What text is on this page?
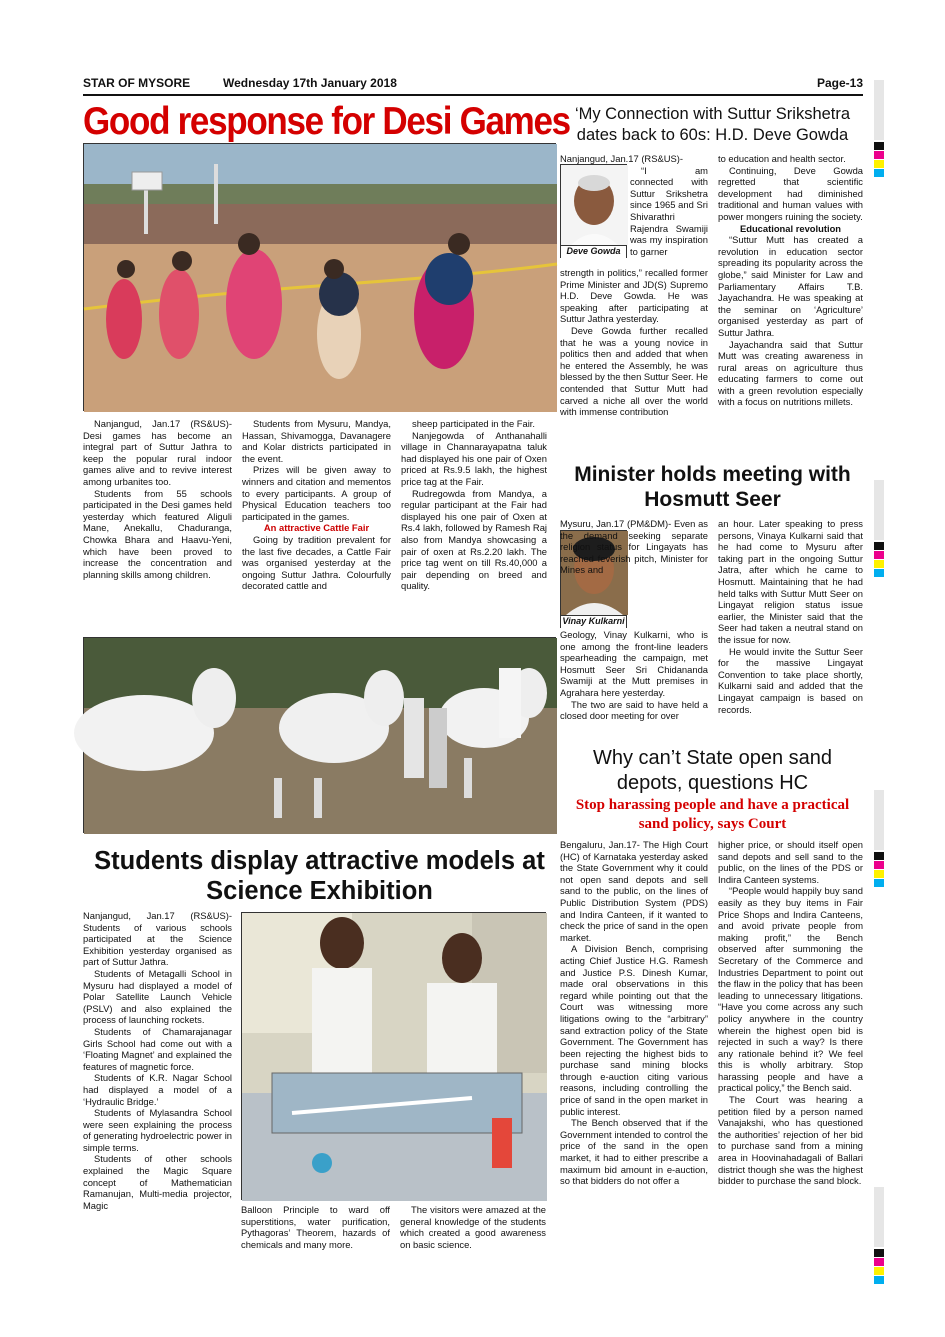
STAR OF MYSORE	Wednesday 17th January 2018	Page-13
Good response for Desi Games

Nanjangud, Jan.17 (RS&US)- Desi games has become an integral part of Suttur Jathra to keep the popular rural indoor games alive and to revive interest among urbanites too.

Students from 55 schools participated in the Desi games held yesterday which featured Aliguli Mane, Anekallu, Chaduranga, Chowka Bhara and Haavu-Yeni, which have been proved to increase the concentration and planning skills among children.

Students from Mysuru, Mandya, Hassan, Shivamogga, Davanagere and Kolar districts participated in the event.

Prizes will be given away to winners and citation and mementos to every participants. A group of Physical Education teachers too participated in the games.

An attractive Cattle Fair

Going by tradition prevalent for the last five decades, a Cattle Fair was organised yesterday at the ongoing Suttur Jathra. Colourfully decorated cattle and

sheep participated in the Fair.

Nanjegowda of Anthanahalli village in Channarayapatna taluk had displayed his one pair of Oxen priced at Rs.9.5 lakh, the highest price tag at the Fair.

Rudregowda from Mandya, a regular participant at the Fair had displayed his one pair of Oxen at Rs.4 lakh, followed by Ramesh Raj also from Mandya showcasing a pair of oxen at Rs.2.20 lakh. The price tag went on till Rs.40,000 a pair depending on breed and quality.

‘My Connection with Suttur Srikshetra dates back to 60s: H.D. Deve Gowda

Nanjangud, Jan.17 (RS&US)-

“I am connected with Suttur Srikshetra since 1965 and Sri Shivarathri Rajendra Swamiji was my inspiration to garner

Deve Gowda

strength in politics,” recalled former Prime Minister and JD(S) Supremo H.D. Deve Gowda. He was speaking after participating at Suttur Jathra yesterday.

Deve Gowda further recalled that he was a young novice in politics then and added that when he entered the Assembly, he was blessed by the then Suttur Seer. He contended that Suttur Mutt had carved a niche all over the world with immense contribution

to education and health sector.

Continuing, Deve Gowda regretted that scientific development had diminished traditional and human values with power mongers ruining the society.

Educational revolution

“Suttur Mutt has created a revolution in education sector spreading its popularity across the globe,” said Minister for Law and Parliamentary Affairs T.B. Jayachandra. He was speaking at the seminar on ‘Agriculture’ organised yesterday as part of Suttur Jathra.

Jayachandra said that Suttur Mutt was creating awareness in rural areas on agriculture thus educating farmers to come out with a green revolution especially with a focus on nutritions millets.

Minister holds meeting with Hosmutt Seer
Vinay Kulkarni

Mysuru, Jan.17 (PM&DM)- Even as the demand seeking separate religion status for Lingayats has reached feverish pitch, Minister for Mines and

Geology, Vinay Kulkarni, who is one among the front-line leaders spearheading the campaign, met Hosmutt Seer Sri Chidananda Swamiji at the Mutt premises in Agrahara here yesterday.

The two are said to have held a closed door meeting for over

an hour. Later speaking to press persons, Vinaya Kulkarni said that he had come to Mysuru after taking part in the ongoing Suttur Jatra, after which he came to Hosmutt. Maintaining that he had held talks with Suttur Mutt Seer on Lingayat religion status issue earlier, the Minister said that the Seer had taken a neutral stand on the issue for now.

He would invite the Suttur Seer for the massive Lingayat Convention to take place shortly, Kulkarni said and added that the Lingayat campaign is based on records.

Why can’t State open sand depots, questions HC
Stop harassing people and have a practical sand policy, says Court

Bengaluru, Jan.17- The High Court (HC) of Karnataka yesterday asked the State Government why it could not open sand depots and sell sand to the public, on the lines of Public Distribution System (PDS) and Indira Canteen, if it wanted to check the price of sand in the open market.

A Division Bench, comprising acting Chief Justice H.G. Ramesh and Justice P.S. Dinesh Kumar, made oral observations in this regard while pointing out that the Court was witnessing more litigations owing to the “arbitrary” sand extraction policy of the State Government. The Government has been rejecting the highest bids to purchase sand mining blocks through e-auction citing various reasons, including controlling the price of sand in the open market in public interest.

The Bench observed that if the Government intended to control the price of the sand in the open market, it had to either prescribe a maximum bid amount in e-auction, so that bidders do not offer a

higher price, or should itself open sand depots and sell sand to the public, on the lines of the PDS or Indira Canteen systems.

“People would happily buy sand easily as they buy items in Fair Price Shops and Indira Canteens, and avoid private people from making profit,” the Bench observed after summoning the Secretary of the Commerce and Industries Department to point out the flaw in the policy that has been leading to unnecessary litigations. “Have you come across any such policy anywhere in the country wherein the highest open bid is rejected in such a way? Is there any rationale behind it? We feel this is wholly arbitrary. Stop harassing people and have a practical policy,” the Bench said.

The Court was hearing a petition filed by a person named Vanajakshi, who has questioned the authorities’ rejection of her bid to purchase sand from a mining area in Hoovinahadagali of Ballari district though she was the highest bidder to purchase the sand block.

Students display attractive models at Science Exhibition

Nanjangud, Jan.17 (RS&US)- Students of various schools participated at the Science Exhibition yesterday organised as part of Suttur Jathra.

Students of Metagalli School in Mysuru had displayed a model of Polar Satellite Launch Vehicle (PSLV) and also explained the process of launching rockets.

Students of Chamarajanagar Girls School had come out with a ‘Floating Magnet’ and explained the features of magnetic force.

Students of K.R. Nagar School had displayed a model of a ‘Hydraulic Bridge.’

Students of Mylasandra School were seen explaining the process of generating hydroelectric power in simple terms.

Students of other schools explained the Magic Square concept of Mathematician Ramanujan, Multi-media projector, Magic	Balloon Principle to ward off superstitions, water purification, Pythagoras’ Theorem, hazards of chemicals and many more.

The visitors were amazed at the general knowledge of the students which created a good awareness on basic science.
